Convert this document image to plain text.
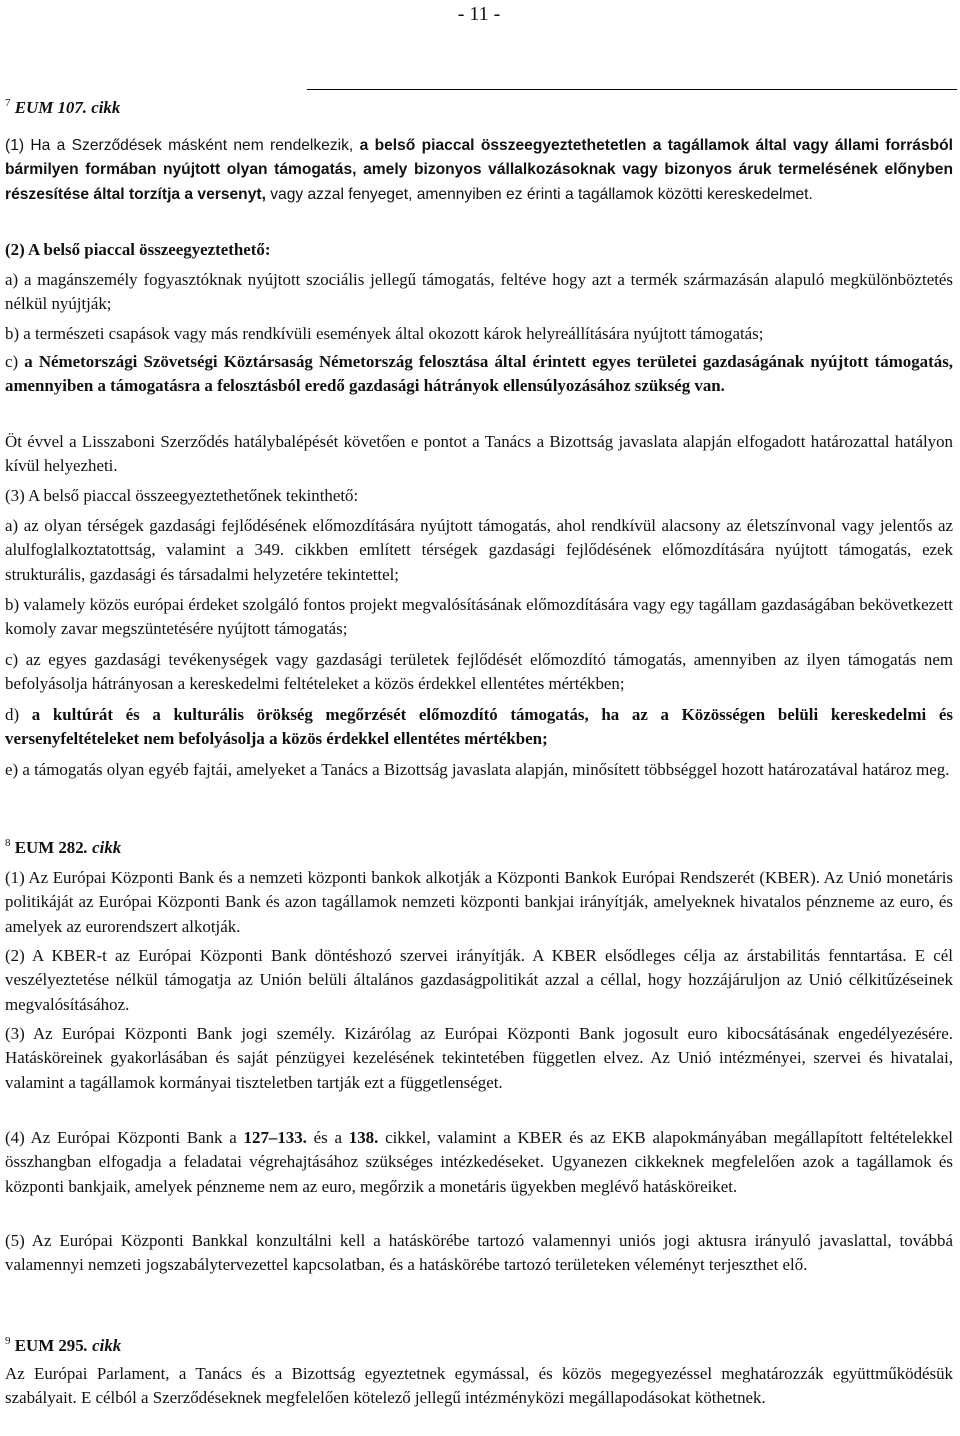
- 11 -
$^7$ EUM 107. cikk

(1) Ha a Szerződések másként nem rendelkezik, a belső piaccal összeegyeztethetetlen a tagállamok által vagy állami forrásból bármilyen formában nyújtott olyan támogatás, amely bizonyos vállalkozásoknak vagy bizonyos áruk termelésének előnyben részesítése által torzítja a versenyt, vagy azzal fenyeget, amennyiben ez érinti a tagállamok közötti kereskedelmet.

(2) A belső piaccal összeegyeztethető:

a) a magánszemély fogyasztóknak nyújtott szociális jellegű támogatás, feltéve hogy azt a termék származásán alapuló megkülönböztetés nélkül nyújtják;

b) a természeti csapások vagy más rendkívüli események által okozott károk helyreállítására nyújtott támogatás;

c) a Németországi Szövetségi Köztársaság Németország felosztása által érintett egyes területei gazdaságának nyújtott támogatás, amennyiben a támogatásra a felosztásból eredő gazdasági hátrányok ellensúlyozásához szükség van.

Öt évvel a Lisszaboni Szerződés hatálybalépését követően e pontot a Tanács a Bizottság javaslata alapján elfogadott határozattal hatályon kívül helyezheti.

(3) A belső piaccal összeegyeztethetőnek tekinthető:

a) az olyan térségek gazdasági fejlődésének előmozdítására nyújtott támogatás, ahol rendkívül alacsony az életszínvonal vagy jelentős az alulfoglalkoztatottság, valamint a 349. cikkben említett térségek gazdasági fejlődésének előmozdítására nyújtott támogatás, ezek strukturális, gazdasági és társadalmi helyzetére tekintettel;

b) valamely közös európai érdeket szolgáló fontos projekt megvalósításának előmozdítására vagy egy tagállam gazdaságában bekövetkezett komoly zavar megszüntetésére nyújtott támogatás;

c) az egyes gazdasági tevékenységek vagy gazdasági területek fejlődését előmozdító támogatás, amennyiben az ilyen támogatás nem befolyásolja hátrányosan a kereskedelmi feltételeket a közös érdekkel ellentétes mértékben;

d) a kultúrát és a kulturális örökség megőrzését előmozdító támogatás, ha az a Közösségen belüli kereskedelmi és versenyfeltételeket nem befolyásolja a közös érdekkel ellentétes mértékben;

e) a támogatás olyan egyéb fajtái, amelyeket a Tanács a Bizottság javaslata alapján, minősített többséggel hozott határozatával határoz meg.

$^8$ EUM 282. cikk

(1) Az Európai Központi Bank és a nemzeti központi bankok alkotják a Központi Bankok Európai Rendszerét (KBER). Az Unió monetáris politikáját az Európai Központi Bank és azon tagállamok nemzeti központi bankjai irányítják, amelyeknek hivatalos pénzneme az euro, és amelyek az eurorendszert alkotják.

(2) A KBER-t az Európai Központi Bank döntéshozó szervei irányítják. A KBER elsődleges célja az árstabilitás fenntartása. E cél veszélyeztetése nélkül támogatja az Unión belüli általános gazdaságpolitikát azzal a céllal, hogy hozzájáruljon az Unió célkitűzéseinek megvalósításához.

(3) Az Európai Központi Bank jogi személy. Kizárólag az Európai Központi Bank jogosult euro kibocsátásának engedélyezésére. Hatásköreinek gyakorlásában és saját pénzügyei kezelésének tekintetében független elvez. Az Unió intézményei, szervei és hivatalai, valamint a tagállamok kormányai tiszteletben tartják ezt a függetlenséget.

(4) Az Európai Központi Bank a 127–133. és a 138. cikkel, valamint a KBER és az EKB alapokmányában megállapított feltételekkel összhangban elfogadja a feladatai végrehajtásához szükséges intézkedéseket. Ugyanezen cikkeknek megfelelően azok a tagállamok és központi bankjaik, amelyek pénzneme nem az euro, megőrzik a monetáris ügyekben meglévő hatásköreiket.

(5) Az Európai Központi Bankkal konzultálni kell a hatáskörébe tartozó valamennyi uniós jogi aktusra irányuló javaslattal, továbbá valamennyi nemzeti jogszabálytervezettel kapcsolatban, és a hatáskörébe tartozó területeken véleményt terjeszthet elő.

$^9$ EUM 295. cikk

Az Európai Parlament, a Tanács és a Bizottság egyeztetnek egymással, és közös megegyezéssel meghatározzák együttműködésük szabályait. E célból a Szerződéseknek megfelelően kötelező jellegű intézményközi megállapodásokat köthetnek.
